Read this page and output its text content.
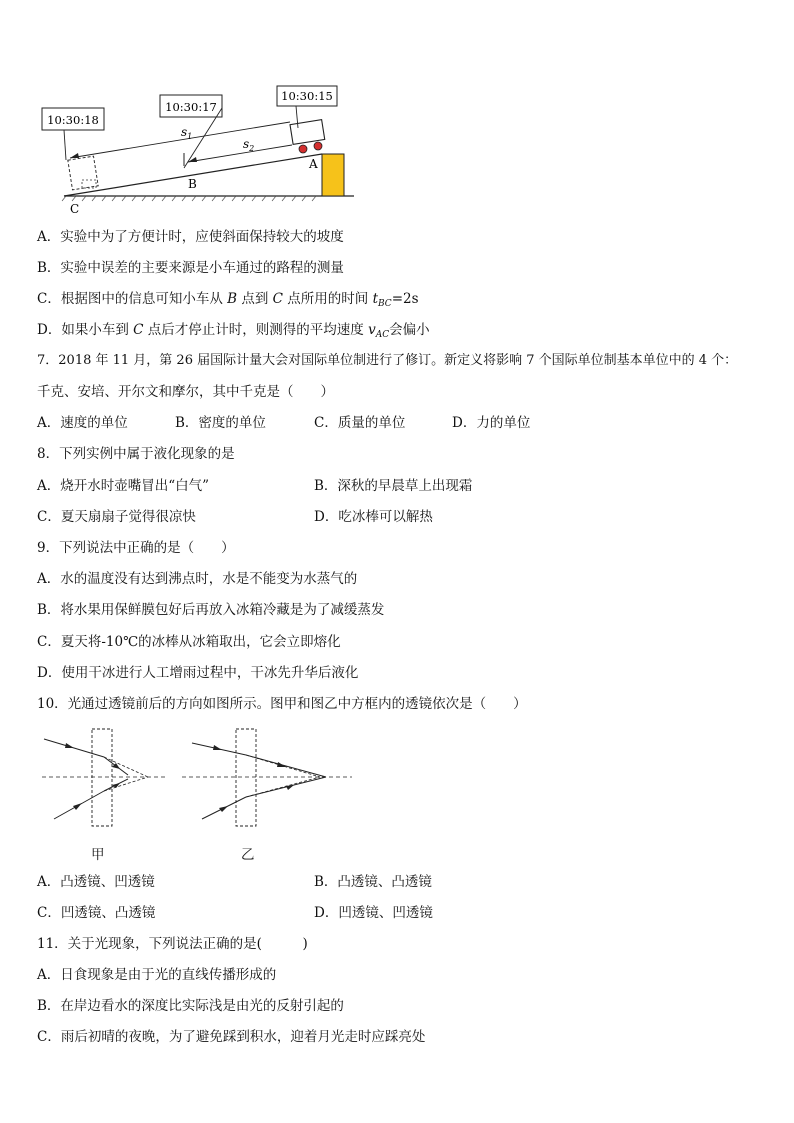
10:30:18
10:30:17
10:30:15
$s_1$
$s_2$
A
B
C
A．实验中为了方便计时，应使斜面保持较大的坡度
B．实验中误差的主要来源是小车通过的路程的测量
C．根据图中的信息可知小车从 B 点到 C 点所用的时间 $t_{BC}=2s$
D．如果小车到 C 点后才停止计时，则测得的平均速度 $v_{AC}$会偏小
7．2018 年 11 月，第 26 届国际计量大会对国际单位制进行了修订。新定义将影响 7 个国际单位制基本单位中的 4 个：
千克、安培、开尔文和摩尔，其中千克是（　　）
A．速度的单位	B．密度的单位	C．质量的单位	D．力的单位
8．下列实例中属于液化现象的是
A．烧开水时壶嘴冒出“白气”	B．深秋的早晨草上出现霜
C．夏天扇扇子觉得很凉快	D．吃冰棒可以解热
9．下列说法中正确的是（　　）
A．水的温度没有达到沸点时，水是不能变为水蒸气的
B．将水果用保鲜膜包好后再放入冰箱冷藏是为了减缓蒸发
C．夏天将-10℃的冰棒从冰箱取出，它会立即熔化
D．使用干冰进行人工增雨过程中，干冰先升华后液化
10．光通过透镜前后的方向如图所示。图甲和图乙中方框内的透镜依次是（　　）
甲	乙
A．凸透镜、凹透镜	B．凸透镜、凸透镜
C．凹透镜、凸透镜	D．凹透镜、凹透镜
11．关于光现象，下列说法正确的是(　　　)
A．日食现象是由于光的直线传播形成的
B．在岸边看水的深度比实际浅是由光的反射引起的
C．雨后初晴的夜晚，为了避免踩到积水，迎着月光走时应踩亮处
